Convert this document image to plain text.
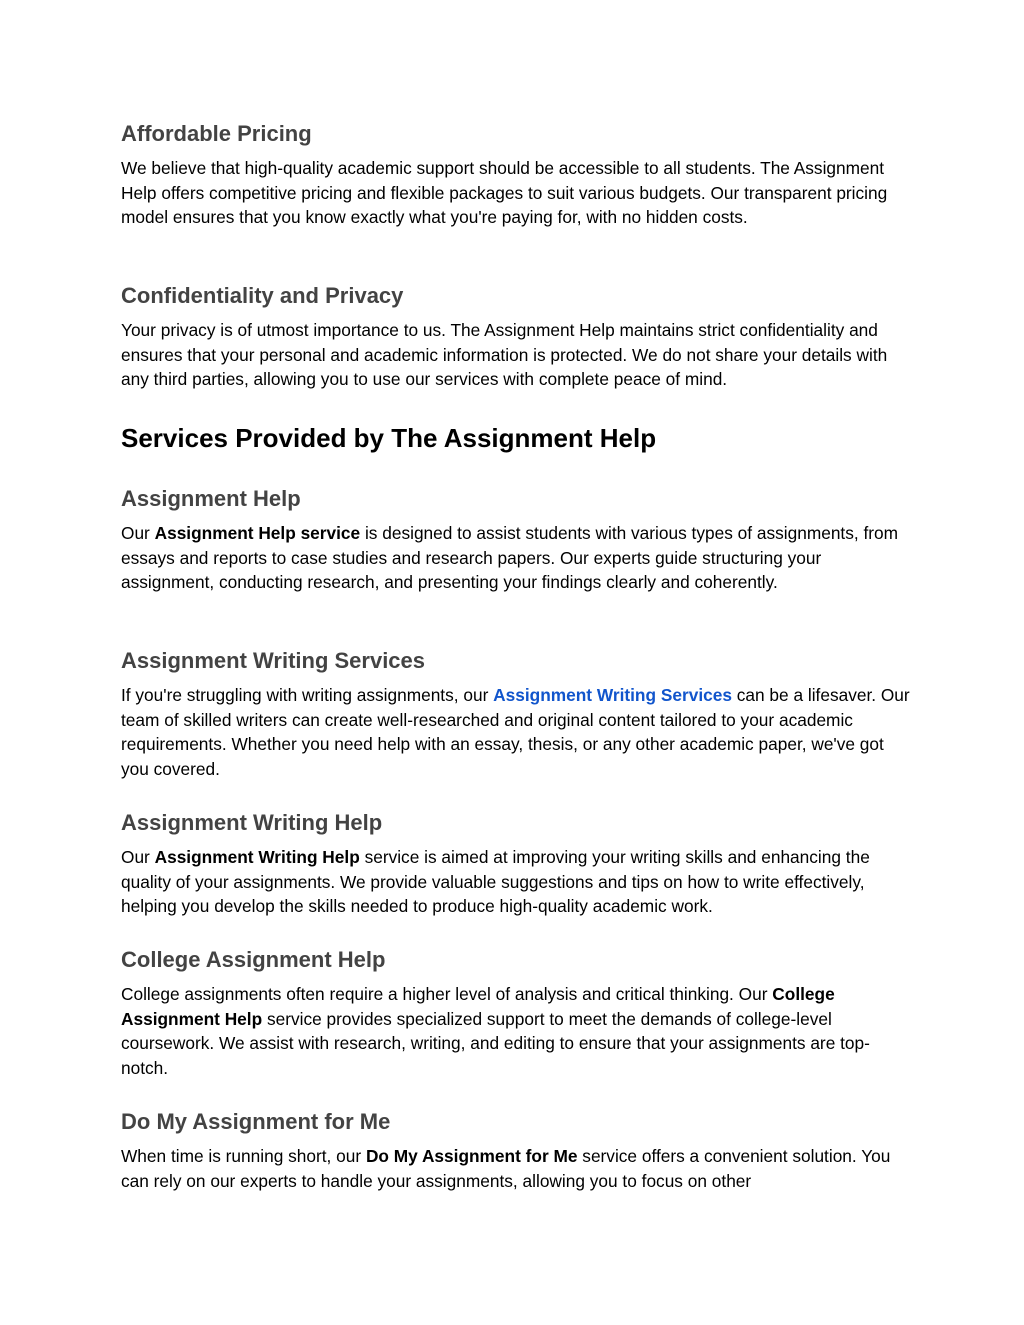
Affordable Pricing

We believe that high-quality academic support should be accessible to all students. The Assignment Help offers competitive pricing and flexible packages to suit various budgets. Our transparent pricing model ensures that you know exactly what you're paying for, with no hidden costs.

Confidentiality and Privacy

Your privacy is of utmost importance to us. The Assignment Help maintains strict confidentiality and ensures that your personal and academic information is protected. We do not share your details with any third parties, allowing you to use our services with complete peace of mind.

Services Provided by The Assignment Help
Assignment Help

Our Assignment Help service is designed to assist students with various types of assignments, from essays and reports to case studies and research papers. Our experts guide structuring your assignment, conducting research, and presenting your findings clearly and coherently.

Assignment Writing Services

If you're struggling with writing assignments, our Assignment Writing Services can be a lifesaver. Our team of skilled writers can create well-researched and original content tailored to your academic requirements. Whether you need help with an essay, thesis, or any other academic paper, we've got you covered.

Assignment Writing Help

Our Assignment Writing Help service is aimed at improving your writing skills and enhancing the quality of your assignments. We provide valuable suggestions and tips on how to write effectively, helping you develop the skills needed to produce high-quality academic work.

College Assignment Help

College assignments often require a higher level of analysis and critical thinking. Our College Assignment Help service provides specialized support to meet the demands of college-level coursework. We assist with research, writing, and editing to ensure that your assignments are top-notch.

Do My Assignment for Me

When time is running short, our Do My Assignment for Me service offers a convenient solution. You can rely on our experts to handle your assignments, allowing you to focus on other
